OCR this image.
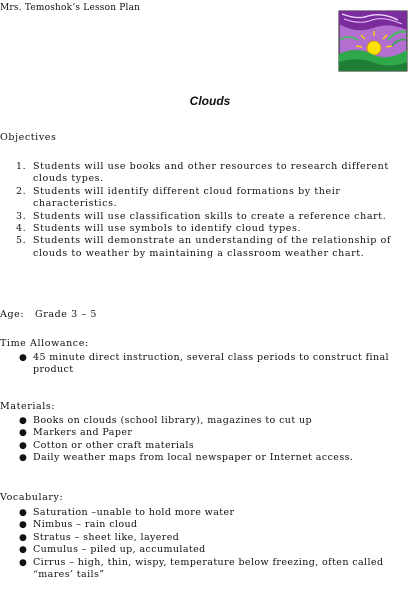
Mrs. Temoshok’s Lesson Plan
Clouds
Objectives
1. Students will use books and other resources to research different clouds types.
2. Students will identify different cloud formations by their characteristics.
3. Students will use classification skills to create a reference chart.
4. Students will use symbols to identify cloud types.
5. Students will demonstrate an understanding of the relationship of clouds to weather by maintaining a classroom weather chart.
Age: Grade 3 – 5
Time Allowance:
● 45 minute direct instruction, several class periods to construct final product
Materials:
● Books on clouds (school library), magazines to cut up
● Markers and Paper
● Cotton or other craft materials
● Daily weather maps from local newspaper or Internet access.
Vocabulary:
● Saturation –unable to hold more water
● Nimbus – rain cloud
● Stratus – sheet like, layered
● Cumulus – piled up, accumulated
● Cirrus – high, thin, wispy, temperature below freezing, often called “mares’ tails”
